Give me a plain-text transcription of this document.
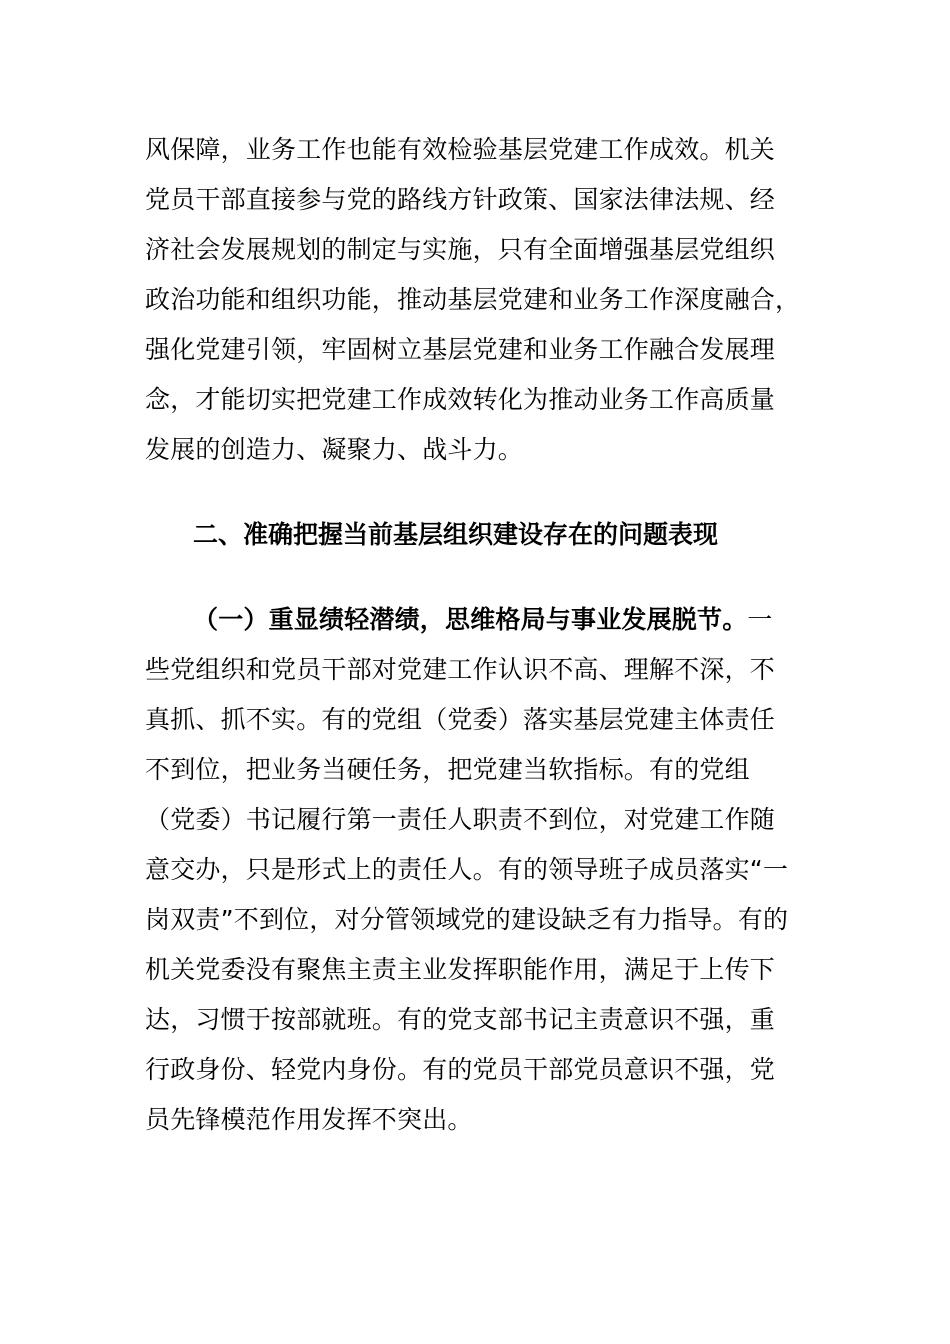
风保障，业务工作也能有效检验基层党建工作成效。机关
党员干部直接参与党的路线方针政策、国家法律法规、经
济社会发展规划的制定与实施，只有全面增强基层党组织
政治功能和组织功能，推动基层党建和业务工作深度融合，
强化党建引领，牢固树立基层党建和业务工作融合发展理
念，才能切实把党建工作成效转化为推动业务工作高质量
发展的创造力、凝聚力、战斗力。
二、准确把握当前基层组织建设存在的问题表现
（一）重显绩轻潜绩，思维格局与事业发展脱节。一
些党组织和党员干部对党建工作认识不高、理解不深，不
真抓、抓不实。有的党组（党委）落实基层党建主体责任
不到位，把业务当硬任务，把党建当软指标。有的党组
（党委）书记履行第一责任人职责不到位，对党建工作随
意交办，只是形式上的责任人。有的领导班子成员落实“一
岗双责”不到位，对分管领域党的建设缺乏有力指导。有的
机关党委没有聚焦主责主业发挥职能作用，满足于上传下
达，习惯于按部就班。有的党支部书记主责意识不强，重
行政身份、轻党内身份。有的党员干部党员意识不强，党
员先锋模范作用发挥不突出。
